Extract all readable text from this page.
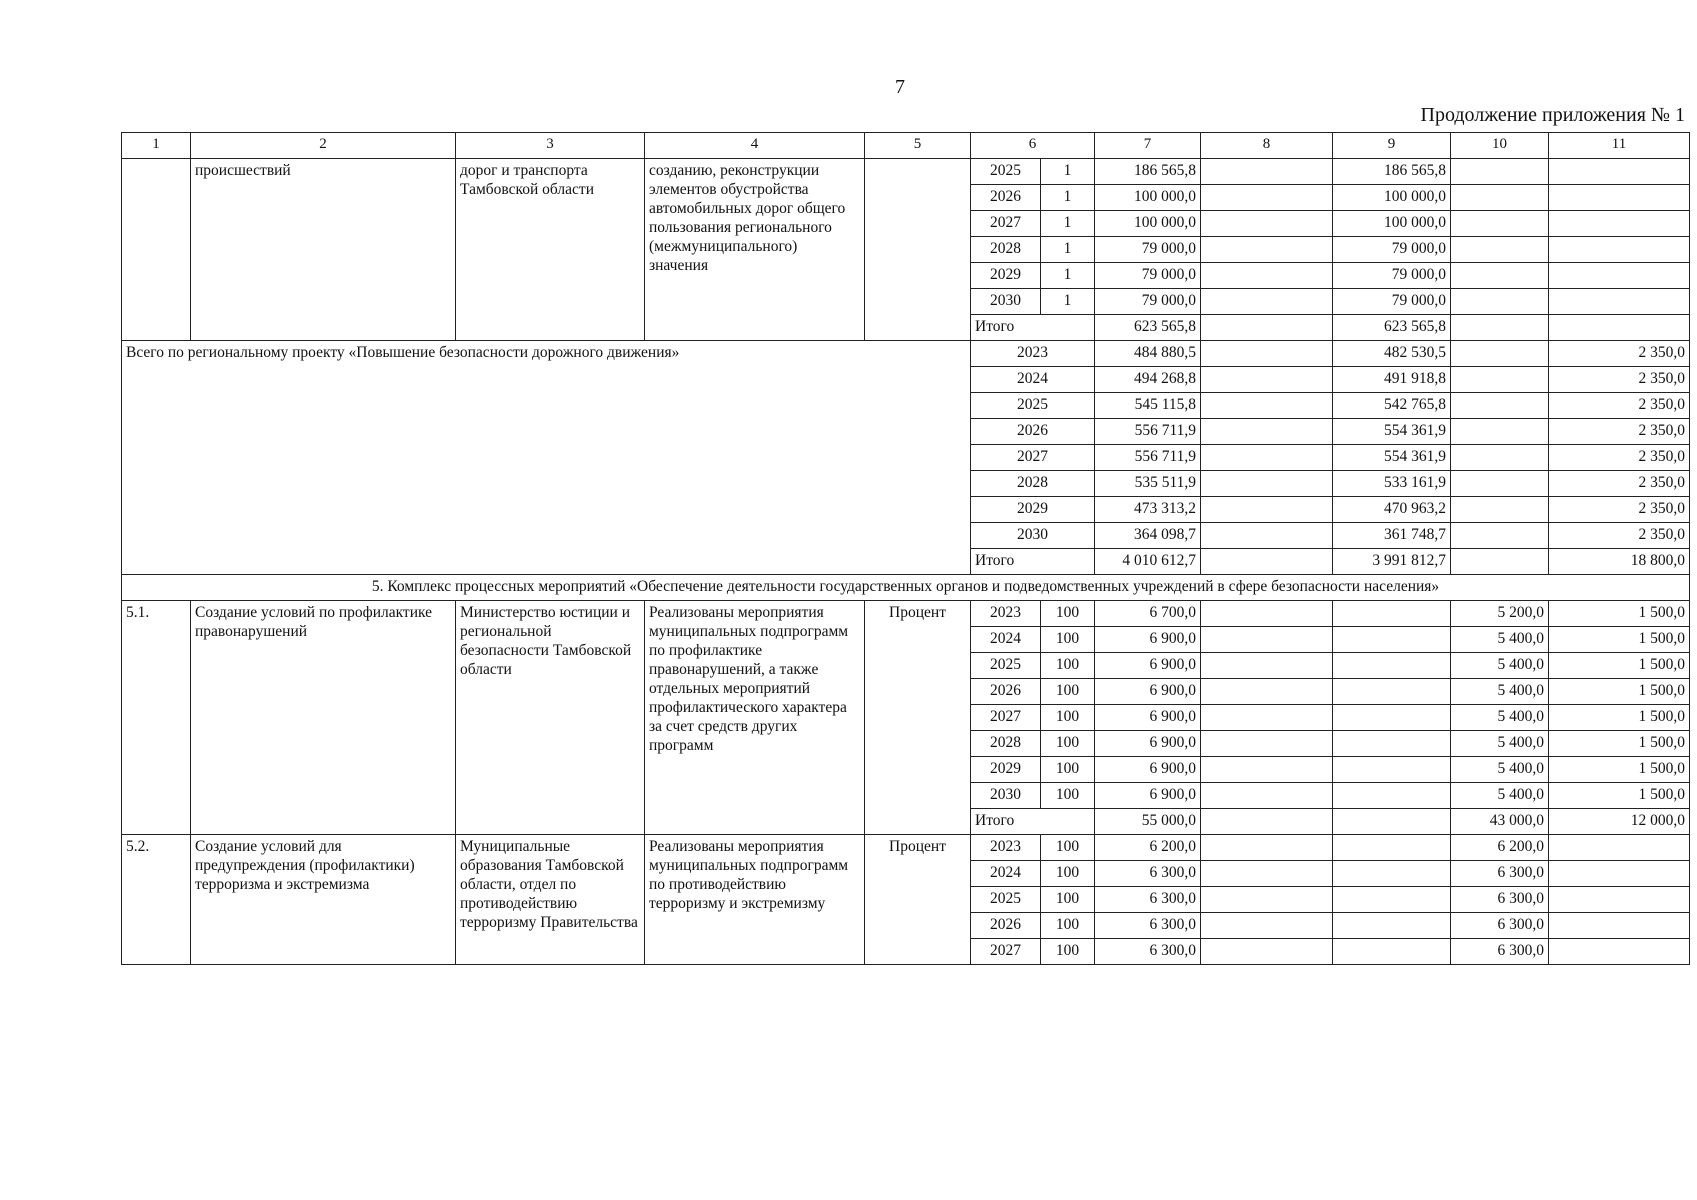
7
Продолжение приложения № 1
1	2	3	4	5	6		7	8	9	10	11
	происшествий	дорог и транспорта Тамбовской области	созданию, реконструкции элементов обустройства автомобильных дорог общего пользования регионального (межмуниципального) значения		2025	1	186 565,8		186 565,8		
					2026	1	100 000,0		100 000,0		
					2027	1	100 000,0		100 000,0		
					2028	1	79 000,0		79 000,0		
					2029	1	79 000,0		79 000,0		
					2030	1	79 000,0		79 000,0		
					Итого		623 565,8		623 565,8		
Всего по региональному проекту «Повышение безопасности дорожного движения»					2023		484 880,5		482 530,5		2 350,0
					2024		494 268,8		491 918,8		2 350,0
					2025		545 115,8		542 765,8		2 350,0
					2026		556 711,9		554 361,9		2 350,0
					2027		556 711,9		554 361,9		2 350,0
					2028		535 511,9		533 161,9		2 350,0
					2029		473 313,2		470 963,2		2 350,0
					2030		364 098,7		361 748,7		2 350,0
					Итого		4 010 612,7		3 991 812,7		18 800,0
5. Комплекс процессных мероприятий «Обеспечение деятельности государственных органов и подведомственных учреждений в сфере безопасности населения»											
5.1.	Создание условий по профилактике правонарушений	Министерство юстиции и региональной безопасности Тамбовской области	Реализованы мероприятия муниципальных подпрограмм по профилактике правонарушений, а также отдельных мероприятий профилактического характера за счет средств других программ	Процент	2023	100	6 700,0			5 200,0	1 500,0
					2024	100	6 900,0			5 400,0	1 500,0
					2025	100	6 900,0			5 400,0	1 500,0
					2026	100	6 900,0			5 400,0	1 500,0
					2027	100	6 900,0			5 400,0	1 500,0
					2028	100	6 900,0			5 400,0	1 500,0
					2029	100	6 900,0			5 400,0	1 500,0
					2030	100	6 900,0			5 400,0	1 500,0
					Итого		55 000,0			43 000,0	12 000,0
5.2.	Создание условий для предупреждения (профилактики) терроризма и экстремизма	Муниципальные образования Тамбовской области, отдел по противодействию терроризму Правительства	Реализованы мероприятия муниципальных подпрограмм по противодействию терроризму и экстремизму	Процент	2023	100	6 200,0			6 200,0	
					2024	100	6 300,0			6 300,0	
					2025	100	6 300,0			6 300,0	
					2026	100	6 300,0			6 300,0	
					2027	100	6 300,0			6 300,0	
